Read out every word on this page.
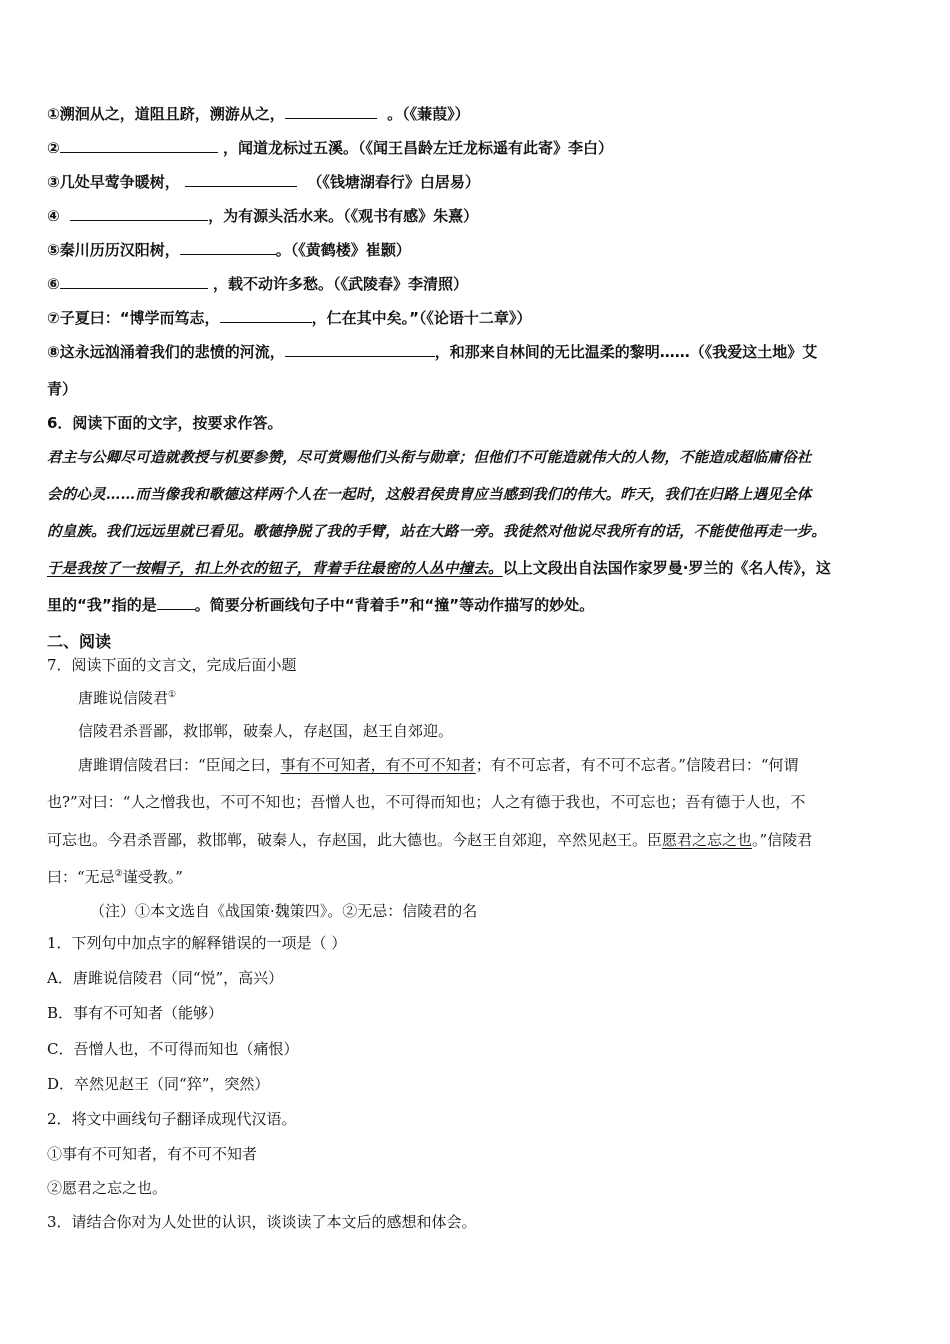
①溯洄从之，道阻且跻，溯游从之，	。（《蒹葭》）
②	，闻道龙标过五溪。（《闻王昌龄左迁龙标遥有此寄》李白）
③几处早莺争暖树，	（《钱塘湖春行》白居易）
④	，为有源头活水来。（《观书有感》朱熹）
⑤秦川历历汉阳树，	。（《黄鹤楼》崔颢）
⑥	，载不动许多愁。（《武陵春》李清照）
⑦子夏曰：“博学而笃志，	，仁在其中矣。”（《论语十二章》）
⑧这永远汹涌着我们的悲愤的河流，	，和那来自林间的无比温柔的黎明……（《我爱这土地》艾
青）
6．阅读下面的文字，按要求作答。
君主与公卿尽可造就教授与机要参赞，尽可赏赐他们头衔与勋章；但他们不可能造就伟大的人物，不能造成超临庸俗社
会的心灵……而当像我和歌德这样两个人在一起时，这般君侯贵胄应当感到我们的伟大。昨天，我们在归路上遇见全体
的皇族。我们远远里就已看见。歌德挣脱了我的手臂，站在大路一旁。我徒然对他说尽我所有的话，不能使他再走一步。
于是我按了一按帽子，扣上外衣的钮子，背着手往最密的人丛中撞去。以上文段出自法国作家罗曼·罗兰的《名人传》，这
里的“我”指的是	。简要分析画线句子中“背着手”和“撞”等动作描写的妙处。
二、阅读
7．阅读下面的文言文，完成后面小题
唐雎说信陵君①
信陵君杀晋鄙，救邯郸，破秦人，存赵国，赵王自郊迎。
唐雎谓信陵君曰：“臣闻之曰，事有不可知者，有不可不知者；有不可忘者，有不可不忘者。”信陵君曰：“何谓
也?”对曰：“人之憎我也，不可不知也；吾憎人也，不可得而知也；人之有德于我也，不可忘也；吾有德于人也，不
可忘也。今君杀晋鄙，救邯郸，破秦人，存赵国，此大德也。今赵王自郊迎，卒然见赵王。臣愿君之忘之也。”信陵君
曰：“无忌②谨受教。”
（注）①本文选自《战国策·魏策四》。②无忌：信陵君的名
1．下列句中加点字的解释错误的一项是（ ）
A．唐雎说信陵君（同“悦”，高兴）
B．事有不可知者（能够）
C．吾憎人也，不可得而知也（痛恨）
D．卒然见赵王（同“猝”，突然）
2．将文中画线句子翻译成现代汉语。
①事有不可知者，有不可不知者
②愿君之忘之也。
3．请结合你对为人处世的认识，谈谈读了本文后的感想和体会。
